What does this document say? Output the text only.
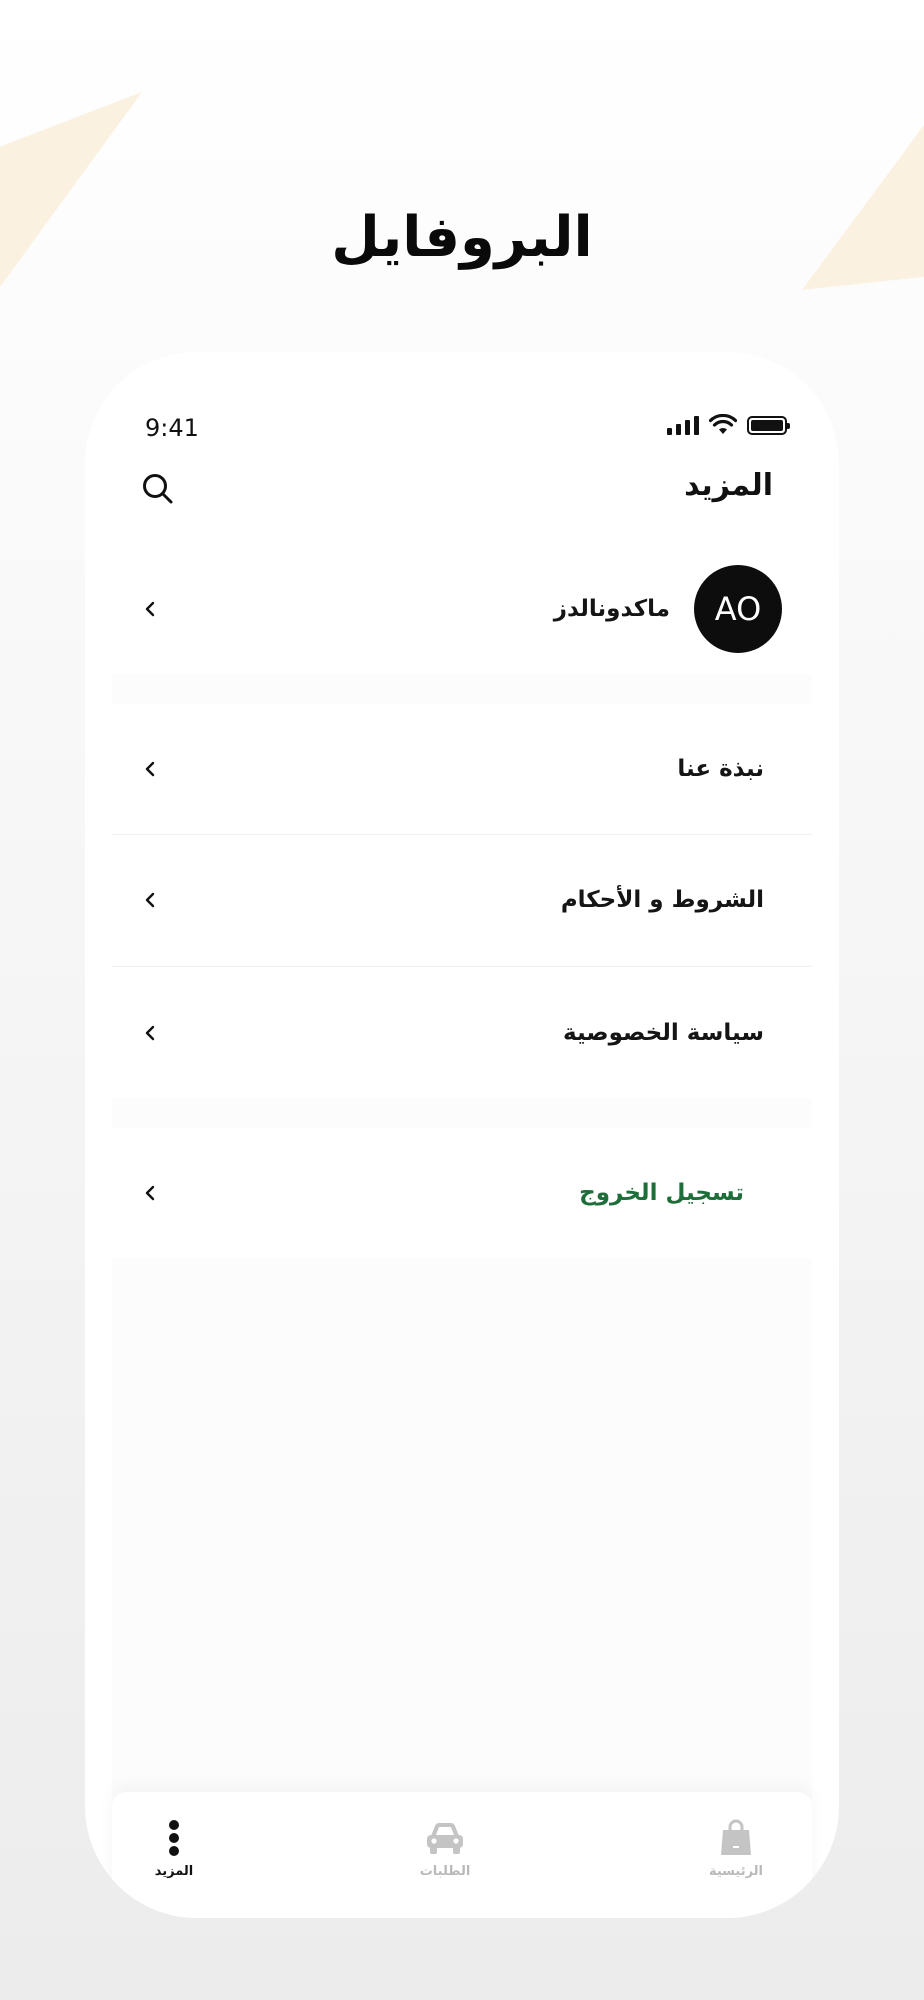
البروفايل
9:41
المزيد
AO
ماكدونالدز
نبذة عنا
الشروط و الأحكام
سياسة الخصوصية
تسجيل الخروج
المزيد	الطلبات	الرئيسية
